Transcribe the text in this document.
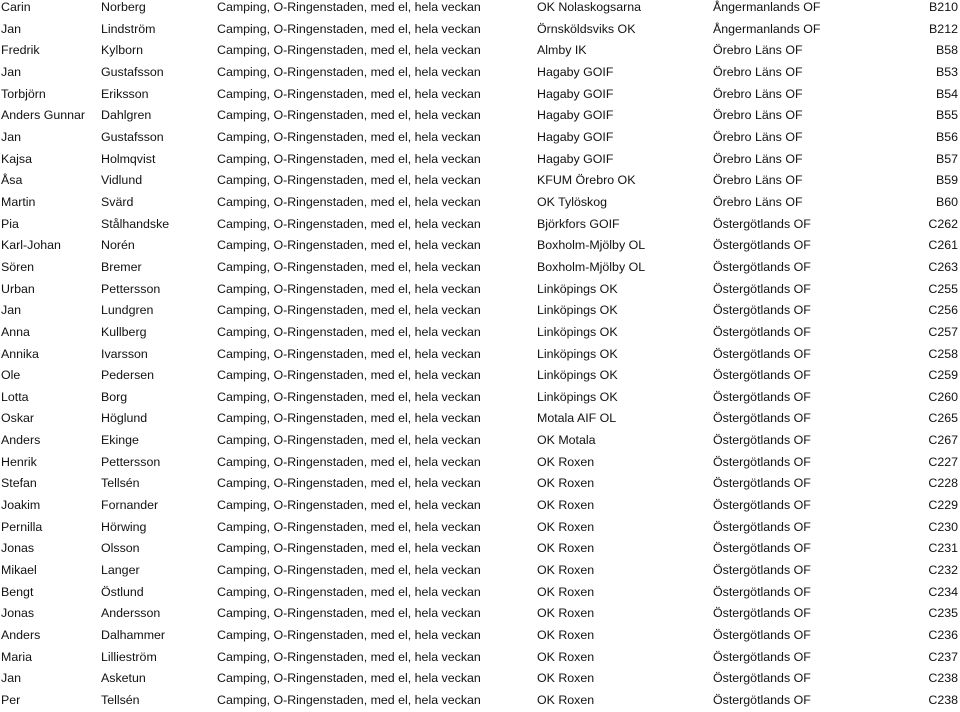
Carin	Norberg	Camping, O-Ringenstaden, med el, hela veckan	OK Nolaskogsarna	Ångermanlands OF	B210
Jan	Lindström	Camping, O-Ringenstaden, med el, hela veckan	Örnsköldsviks OK	Ångermanlands OF	B212
Fredrik	Kylborn	Camping, O-Ringenstaden, med el, hela veckan	Almby IK	Örebro Läns OF	B58
Jan	Gustafsson	Camping, O-Ringenstaden, med el, hela veckan	Hagaby GOIF	Örebro Läns OF	B53
Torbjörn	Eriksson	Camping, O-Ringenstaden, med el, hela veckan	Hagaby GOIF	Örebro Läns OF	B54
Anders Gunnar	Dahlgren	Camping, O-Ringenstaden, med el, hela veckan	Hagaby GOIF	Örebro Läns OF	B55
Jan	Gustafsson	Camping, O-Ringenstaden, med el, hela veckan	Hagaby GOIF	Örebro Läns OF	B56
Kajsa	Holmqvist	Camping, O-Ringenstaden, med el, hela veckan	Hagaby GOIF	Örebro Läns OF	B57
Åsa	Vidlund	Camping, O-Ringenstaden, med el, hela veckan	KFUM Örebro OK	Örebro Läns OF	B59
Martin	Svärd	Camping, O-Ringenstaden, med el, hela veckan	OK Tylöskog	Örebro Läns OF	B60
Pia	Stålhandske	Camping, O-Ringenstaden, med el, hela veckan	Björkfors GOIF	Östergötlands OF	C262
Karl-Johan	Norén	Camping, O-Ringenstaden, med el, hela veckan	Boxholm-Mjölby OL	Östergötlands OF	C261
Sören	Bremer	Camping, O-Ringenstaden, med el, hela veckan	Boxholm-Mjölby OL	Östergötlands OF	C263
Urban	Pettersson	Camping, O-Ringenstaden, med el, hela veckan	Linköpings OK	Östergötlands OF	C255
Jan	Lundgren	Camping, O-Ringenstaden, med el, hela veckan	Linköpings OK	Östergötlands OF	C256
Anna	Kullberg	Camping, O-Ringenstaden, med el, hela veckan	Linköpings OK	Östergötlands OF	C257
Annika	Ivarsson	Camping, O-Ringenstaden, med el, hela veckan	Linköpings OK	Östergötlands OF	C258
Ole	Pedersen	Camping, O-Ringenstaden, med el, hela veckan	Linköpings OK	Östergötlands OF	C259
Lotta	Borg	Camping, O-Ringenstaden, med el, hela veckan	Linköpings OK	Östergötlands OF	C260
Oskar	Höglund	Camping, O-Ringenstaden, med el, hela veckan	Motala AIF OL	Östergötlands OF	C265
Anders	Ekinge	Camping, O-Ringenstaden, med el, hela veckan	OK Motala	Östergötlands OF	C267
Henrik	Pettersson	Camping, O-Ringenstaden, med el, hela veckan	OK Roxen	Östergötlands OF	C227
Stefan	Tellsén	Camping, O-Ringenstaden, med el, hela veckan	OK Roxen	Östergötlands OF	C228
Joakim	Fornander	Camping, O-Ringenstaden, med el, hela veckan	OK Roxen	Östergötlands OF	C229
Pernilla	Hörwing	Camping, O-Ringenstaden, med el, hela veckan	OK Roxen	Östergötlands OF	C230
Jonas	Olsson	Camping, O-Ringenstaden, med el, hela veckan	OK Roxen	Östergötlands OF	C231
Mikael	Langer	Camping, O-Ringenstaden, med el, hela veckan	OK Roxen	Östergötlands OF	C232
Bengt	Östlund	Camping, O-Ringenstaden, med el, hela veckan	OK Roxen	Östergötlands OF	C234
Jonas	Andersson	Camping, O-Ringenstaden, med el, hela veckan	OK Roxen	Östergötlands OF	C235
Anders	Dalhammer	Camping, O-Ringenstaden, med el, hela veckan	OK Roxen	Östergötlands OF	C236
Maria	Lillieström	Camping, O-Ringenstaden, med el, hela veckan	OK Roxen	Östergötlands OF	C237
Jan	Asketun	Camping, O-Ringenstaden, med el, hela veckan	OK Roxen	Östergötlands OF	C238
Per	Tellsén	Camping, O-Ringenstaden, med el, hela veckan	OK Roxen	Östergötlands OF	C238
